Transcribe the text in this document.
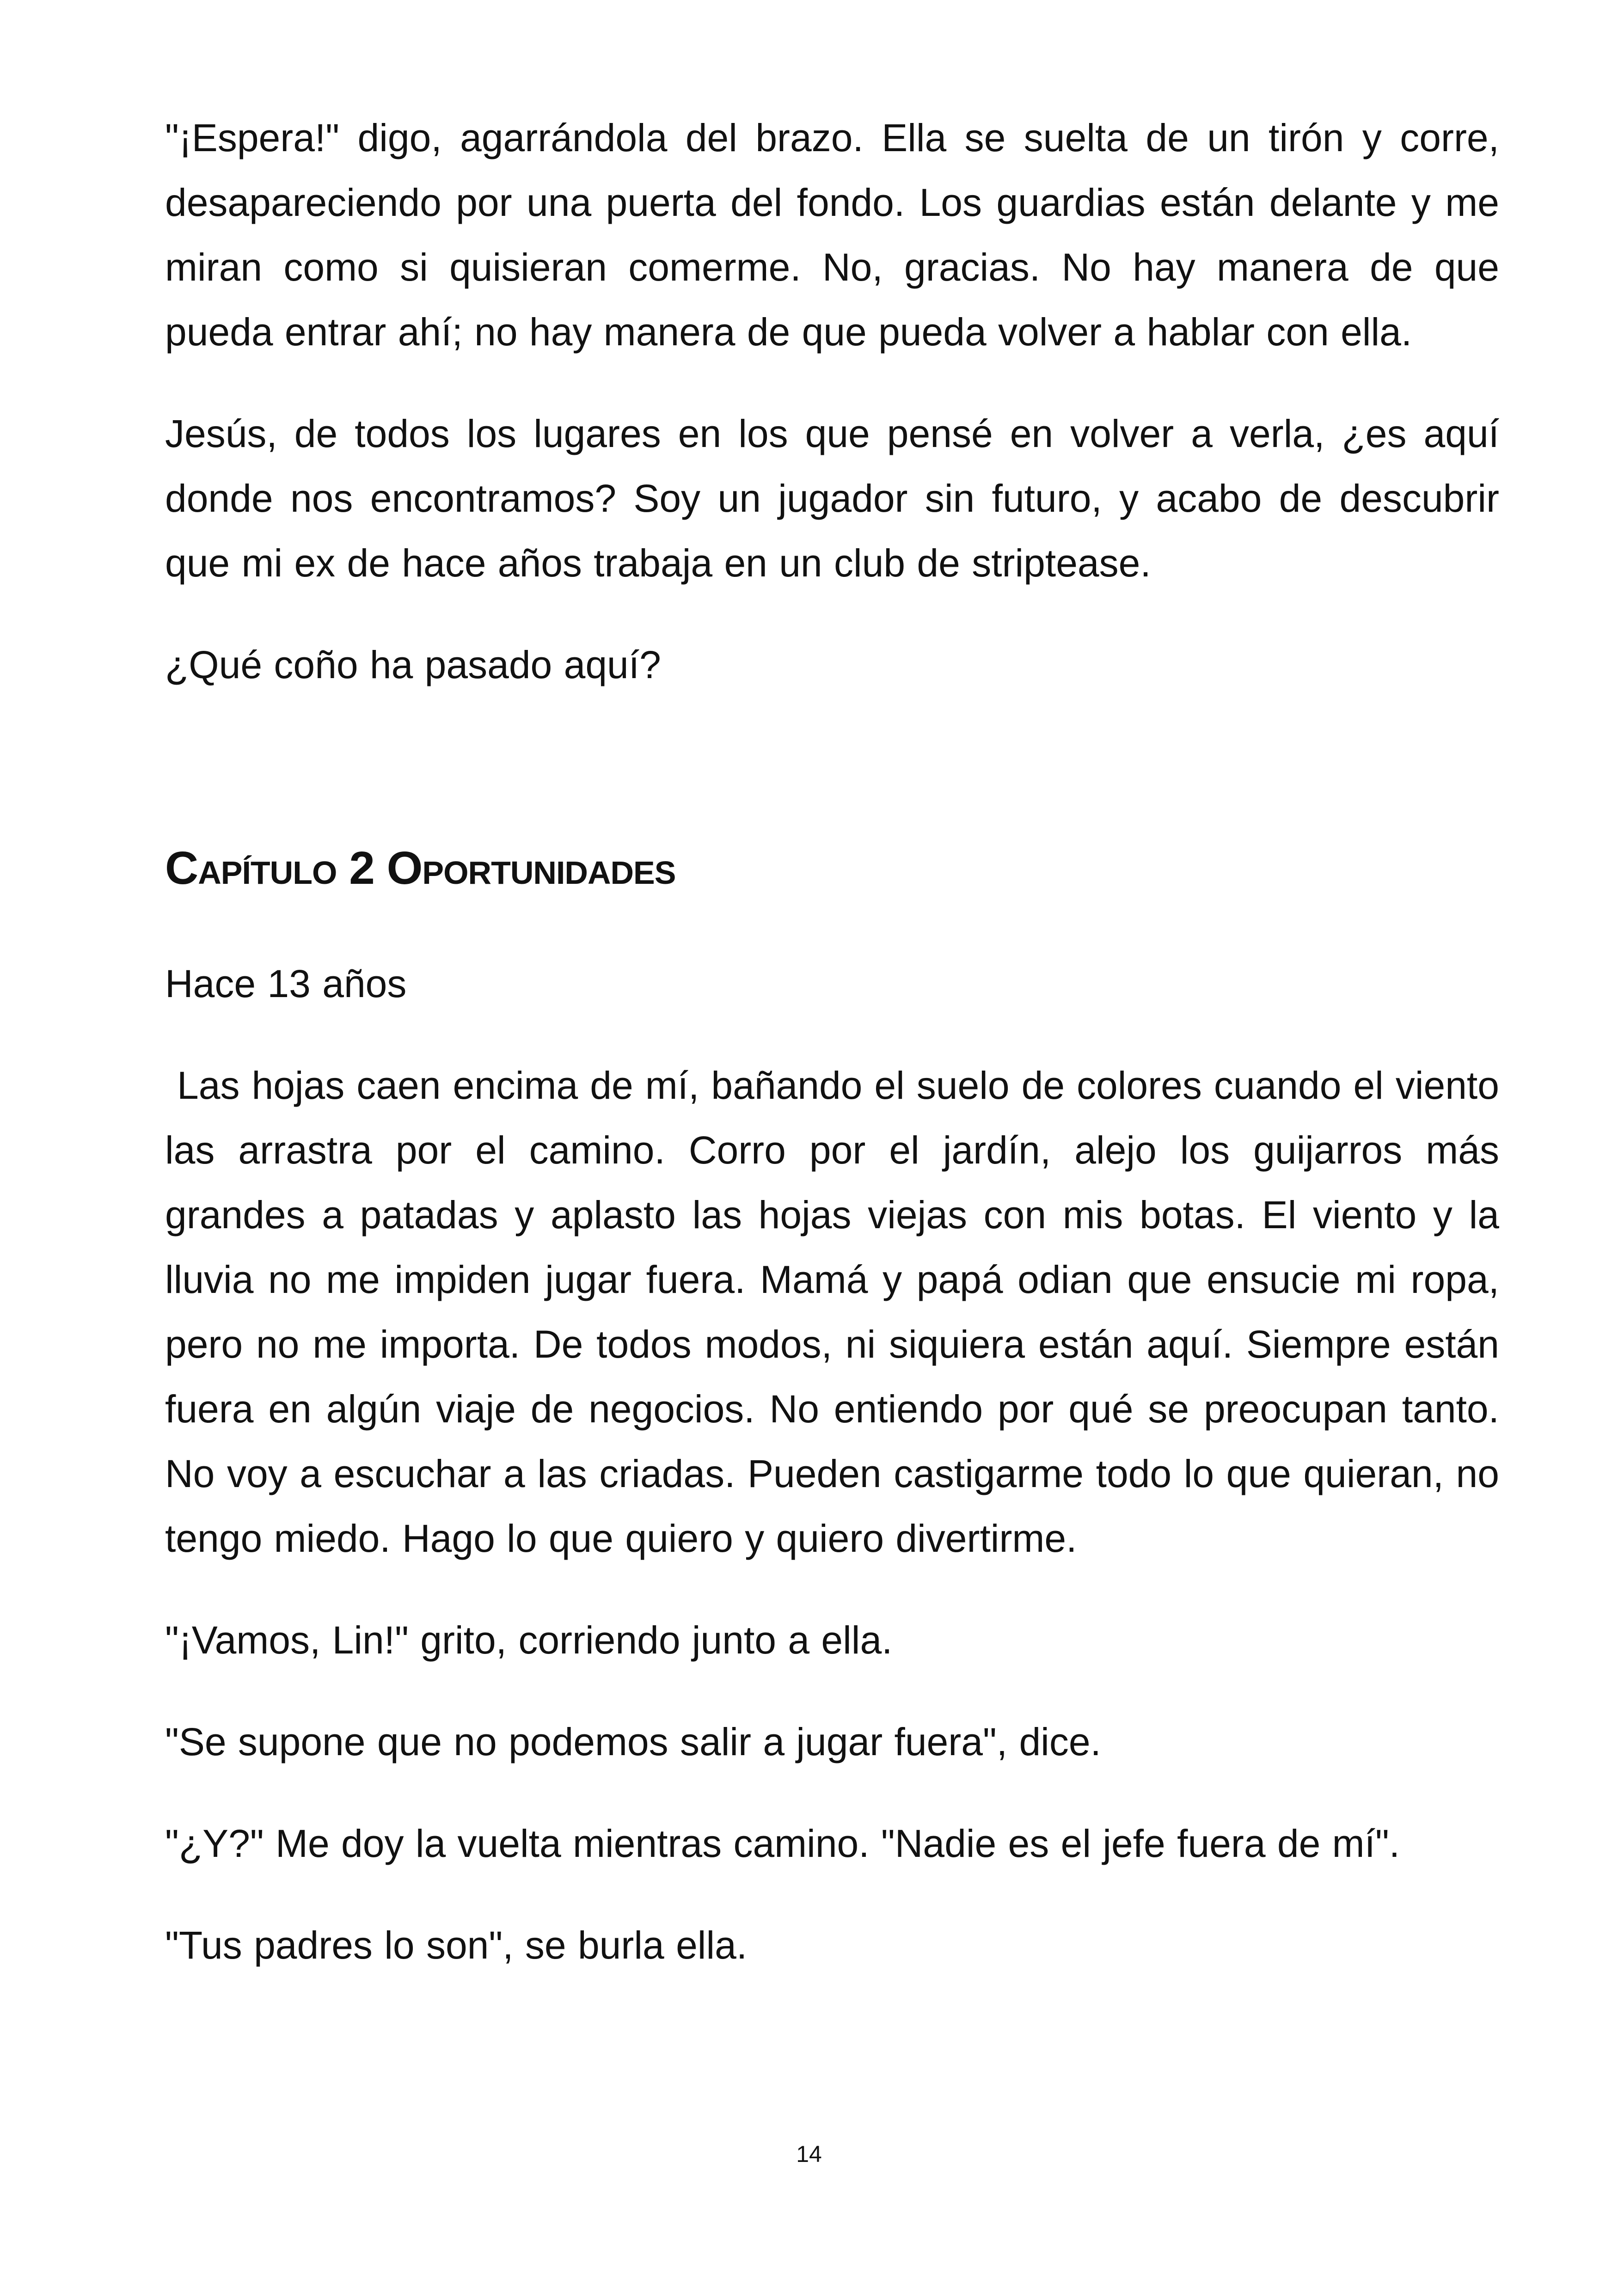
"¡Espera!" digo, agarrándola del brazo. Ella se suelta de un tirón y corre, desapareciendo por una puerta del fondo. Los guardias están delante y me miran como si quisieran comerme. No, gracias. No hay manera de que pueda entrar ahí; no hay manera de que pueda volver a hablar con ella.

Jesús, de todos los lugares en los que pensé en volver a verla, ¿es aquí donde nos encontramos? Soy un jugador sin futuro, y acabo de descubrir que mi ex de hace años trabaja en un club de striptease.

¿Qué coño ha pasado aquí?

Capítulo 2 Oportunidades

Hace 13 años

Las hojas caen encima de mí, bañando el suelo de colores cuando el viento las arrastra por el camino. Corro por el jardín, alejo los guijarros más grandes a patadas y aplasto las hojas viejas con mis botas. El viento y la lluvia no me impiden jugar fuera. Mamá y papá odian que ensucie mi ropa, pero no me importa. De todos modos, ni siquiera están aquí. Siempre están fuera en algún viaje de negocios. No entiendo por qué se preocupan tanto. No voy a escuchar a las criadas. Pueden castigarme todo lo que quieran, no tengo miedo. Hago lo que quiero y quiero divertirme.

"¡Vamos, Lin!" grito, corriendo junto a ella.

"Se supone que no podemos salir a jugar fuera", dice.

"¿Y?" Me doy la vuelta mientras camino. "Nadie es el jefe fuera de mí".

"Tus padres lo son", se burla ella.

14
